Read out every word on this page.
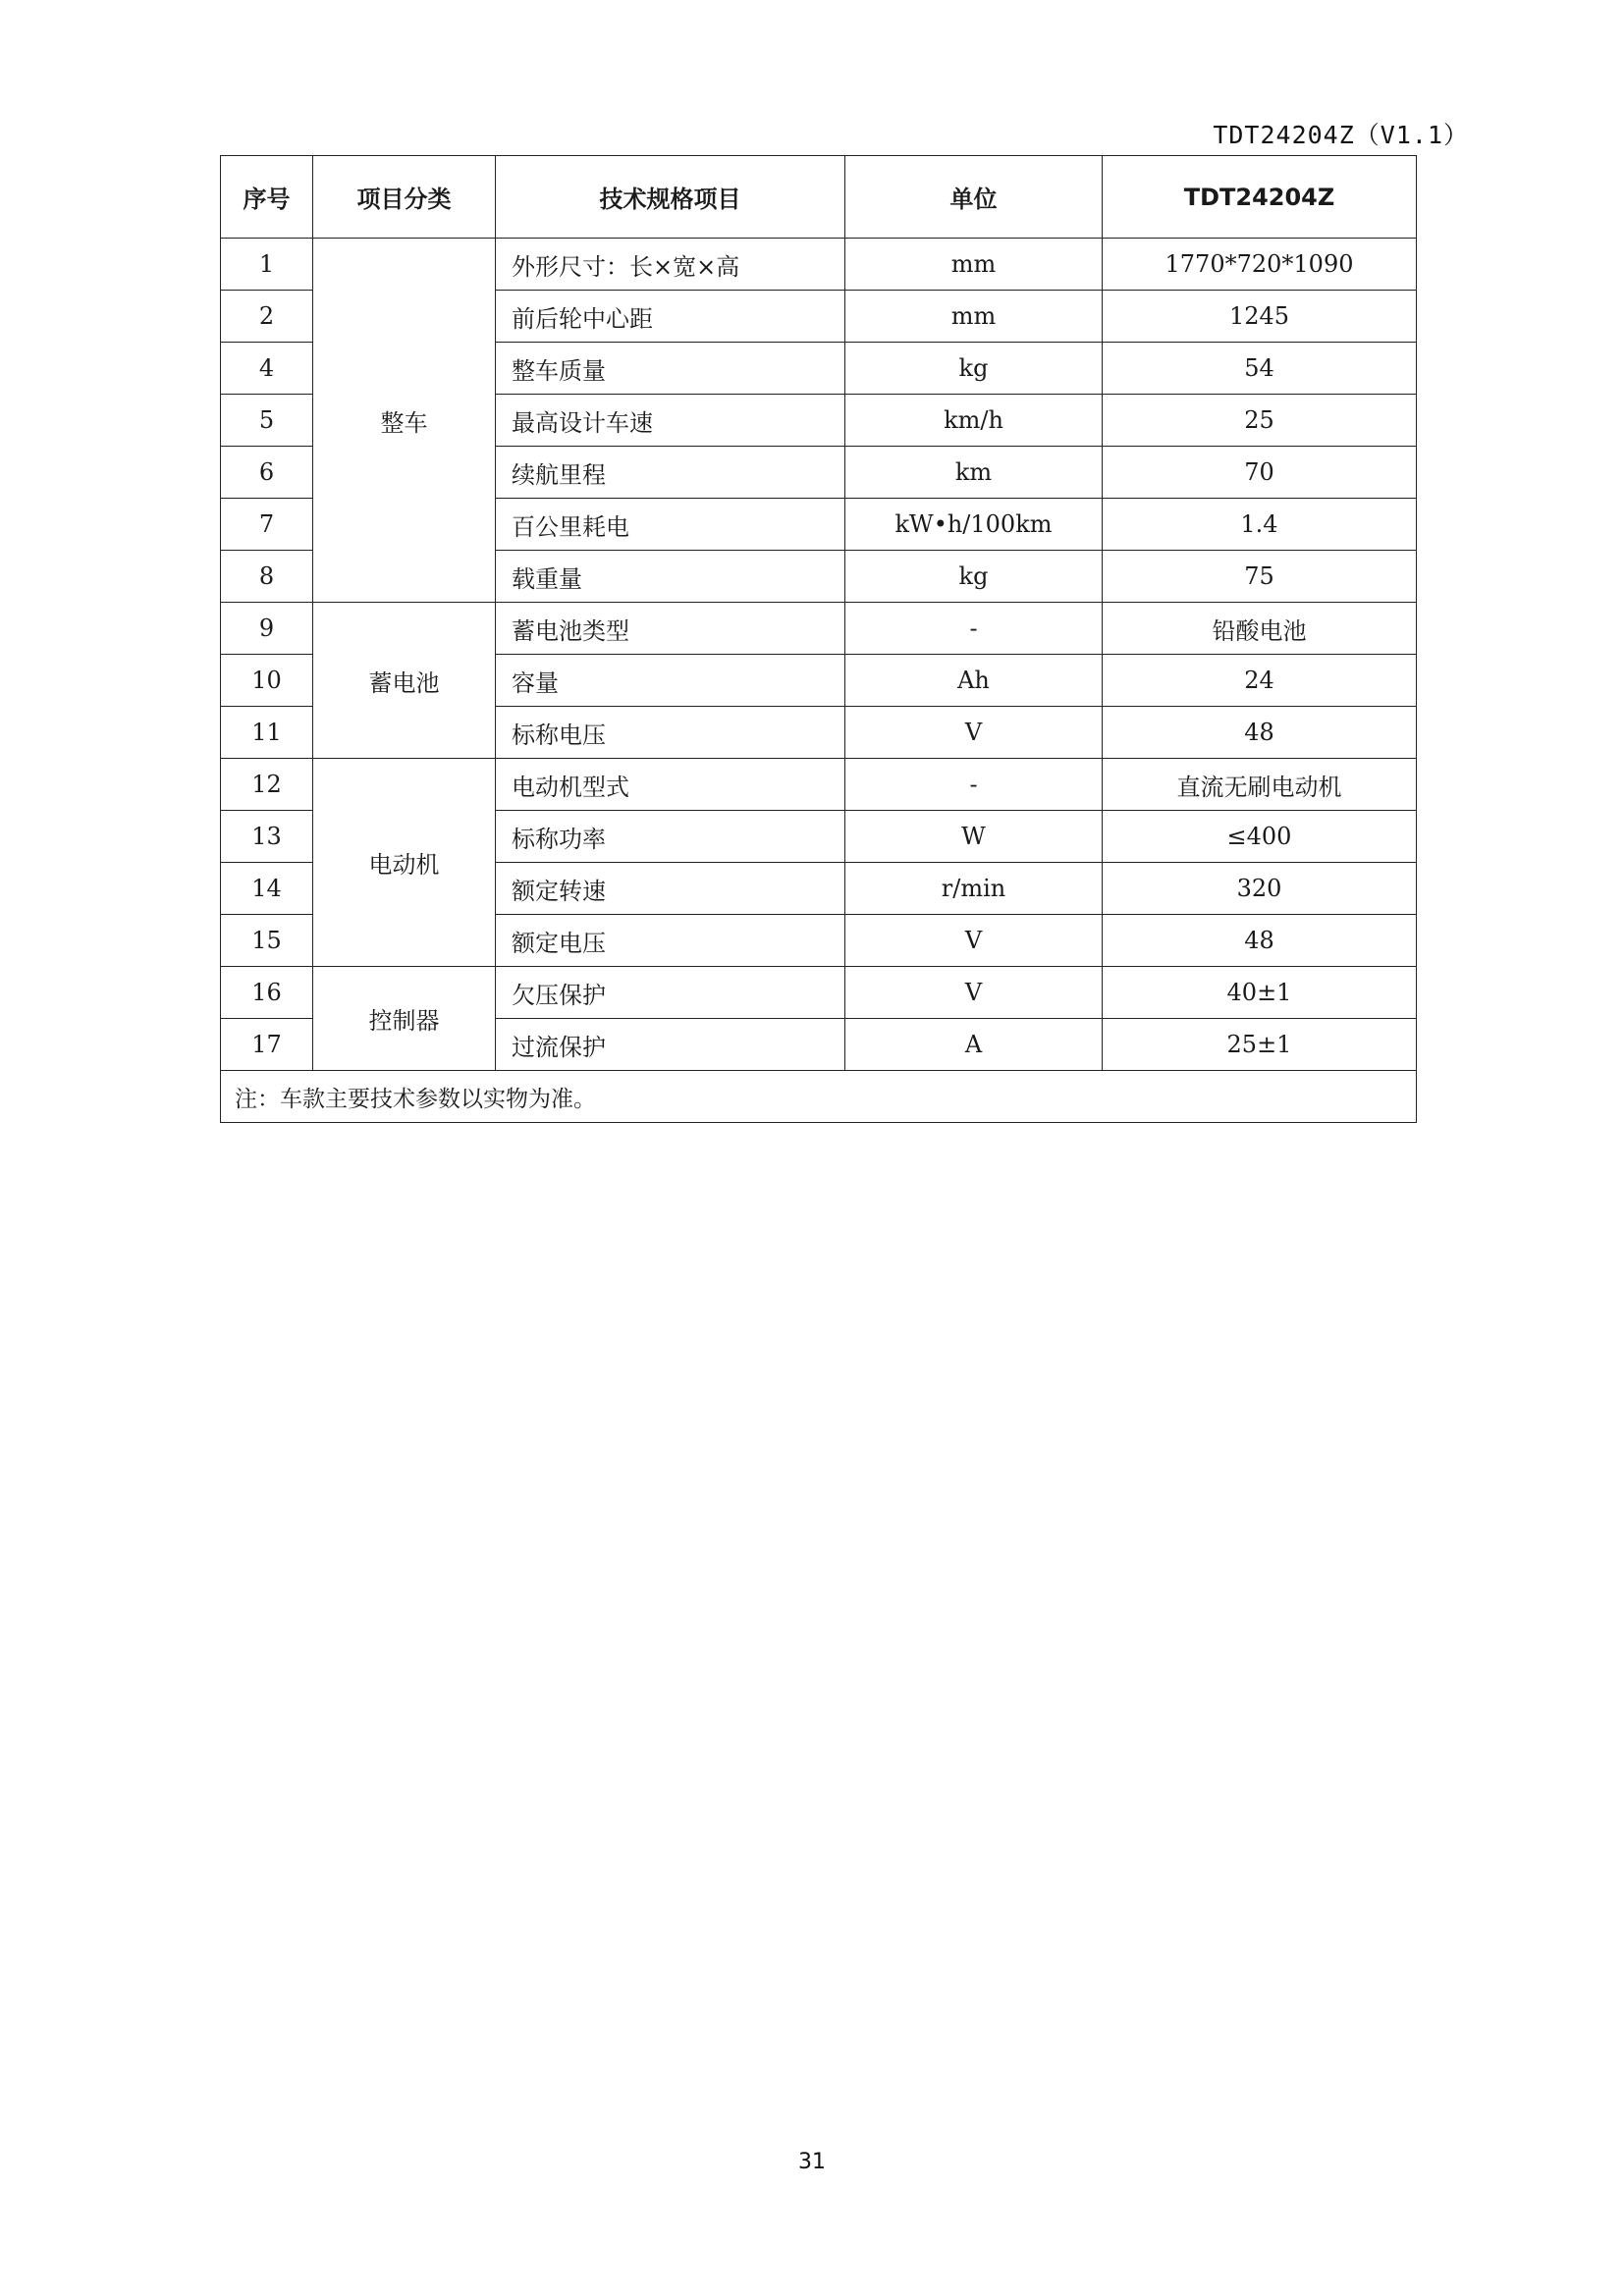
TDT24204Z（V1.1）
序号	项目分类	技术规格项目	单位	TDT24204Z
1	整车	外形尺寸：长×宽×高	mm	1770*720*1090
2		前后轮中心距	mm	1245
4		整车质量	kg	54
5		最高设计车速	km/h	25
6		续航里程	km	70
7		百公里耗电	kW•h/100km	1.4
8		载重量	kg	75
9	蓄电池	蓄电池类型	-	铅酸电池
10		容量	Ah	24
11		标称电压	V	48
12	电动机	电动机型式	-	直流无刷电动机
13		标称功率	W	≤400
14		额定转速	r/min	320
15		额定电压	V	48
16	控制器	欠压保护	V	40±1
17		过流保护	A	25±1
注：车款主要技术参数以实物为准。				
31
